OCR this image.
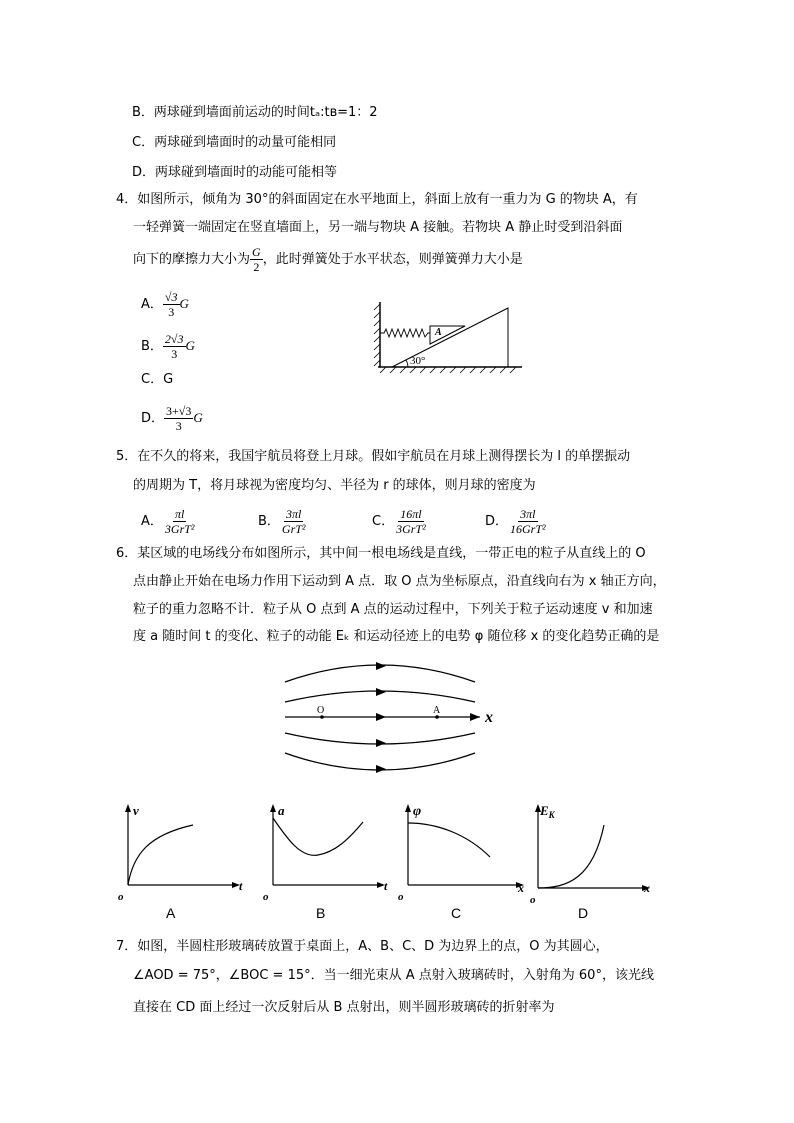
B．两球碰到墙面前运动的时间tₐ:tʙ=1：2
C．两球碰到墙面时的动量可能相同
D．两球碰到墙面时的动能可能相等
4．如图所示，倾角为 30°的斜面固定在水平地面上，斜面上放有一重力为 G 的物块 A，有
一轻弹簧一端固定在竖直墙面上，另一端与物块 A 接触。若物块 A 静止时受到沿斜面
向下的摩擦力大小为 $\frac{G}{2}$ ，此时弹簧处于水平状态，则弹簧弹力大小是
A． $\frac{√3}{3}$ G
B． $\frac{2√3}{3}$ G
C．G
D． $\frac{3+√3}{3}$ G
A
30°
5．在不久的将来，我国宇航员将登上月球。假如宇航员在月球上测得摆长为 l 的单摆振动
的周期为 T，将月球视为密度均匀、半径为 r 的球体，则月球的密度为
A． $\frac{\pi l}{\text{3GrT²}}$	B． $\frac{3\pi l}{\text{GrT²}}$	C． $\frac{16\pi l}{\text{3GrT²}}$	D． $\frac{3\pi l}{\text{16GrT²}}$
6．某区域的电场线分布如图所示，其中间一根电场线是直线，一带正电的粒子从直线上的 O
点由静止开始在电场力作用下运动到 A 点．取 O 点为坐标原点，沿直线向右为 x 轴正方向，
粒子的重力忽略不计．粒子从 O 点到 A 点的运动过程中，下列关于粒子运动速度 v 和加速
度 a 随时间 t 的变化、粒子的动能 Eₖ 和运动径迹上的电势 φ 随位移 x 的变化趋势正确的是
O	A	x
v
t
o
A
a
t
o
B
φ
x
o
C
$E_K$
x
o
D
7．如图，半圆柱形玻璃砖放置于桌面上，A、B、C、D 为边界上的点，O 为其圆心，
∠AOD = 75°，∠BOC = 15°．当一细光束从 A 点射入玻璃砖时，入射角为 60°，该光线
直接在 CD 面上经过一次反射后从 B 点射出，则半圆形玻璃砖的折射率为
